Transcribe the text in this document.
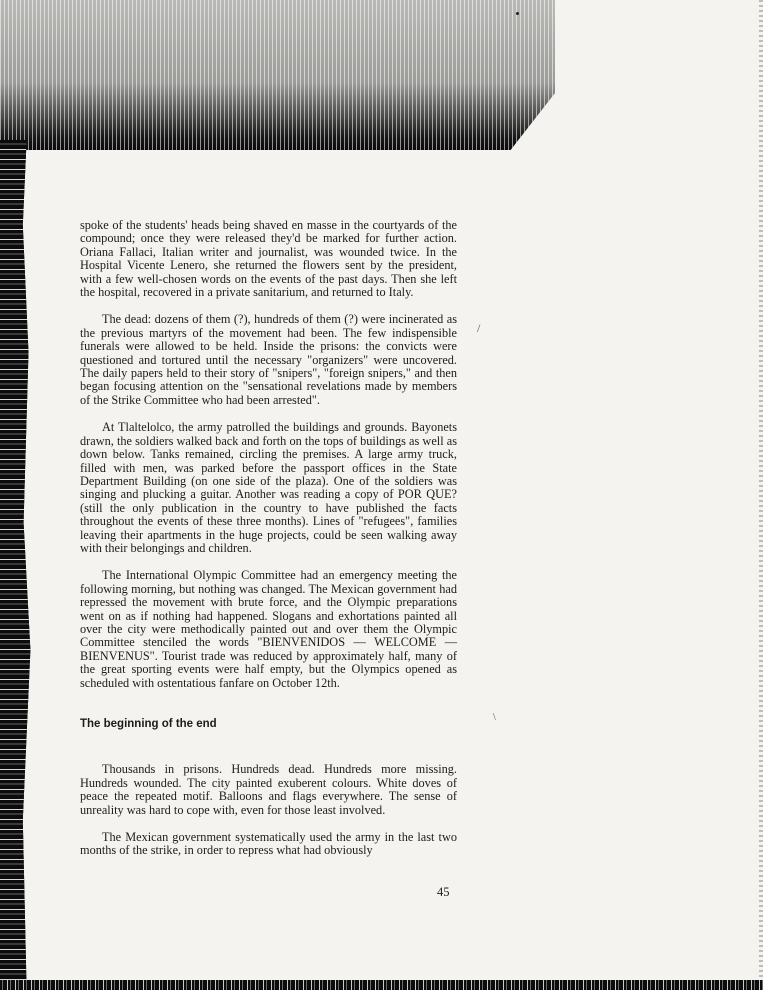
/
\

spoke of the students' heads being shaved en masse in the courtyards of the compound; once they were released they'd be marked for further action. Oriana Fallaci, Italian writer and journalist, was wounded twice. In the Hospital Vicente Lenero, she returned the flowers sent by the president, with a few well-chosen words on the events of the past days. Then she left the hospital, recovered in a private sanitarium, and returned to Italy.

The dead: dozens of them (?), hundreds of them (?) were incinerated as the previous martyrs of the movement had been. The few indispensible funerals were allowed to be held. Inside the prisons: the convicts were questioned and tortured until the necessary "organizers" were uncovered. The daily papers held to their story of "snipers", "foreign snipers," and then began focusing attention on the "sensational revelations made by members of the Strike Committee who had been arrested".

At Tlaltelolco, the army patrolled the buildings and grounds. Bayonets drawn, the soldiers walked back and forth on the tops of buildings as well as down below. Tanks remained, circling the premises. A large army truck, filled with men, was parked before the passport offices in the State Department Building (on one side of the plaza). One of the soldiers was singing and plucking a guitar. Another was reading a copy of POR QUE? (still the only publication in the country to have published the facts throughout the events of these three months). Lines of "refugees", families leaving their apartments in the huge projects, could be seen walking away with their belongings and children.

The International Olympic Committee had an emergency meeting the following morning, but nothing was changed. The Mexican government had repressed the movement with brute force, and the Olympic preparations went on as if nothing had happened. Slogans and exhortations painted all over the city were methodically painted out and over them the Olympic Committee stenciled the words "BIENVENIDOS — WELCOME — BIENVENUS". Tourist trade was reduced by approximately half, many of the great sporting events were half empty, but the Olympics opened as scheduled with ostentatious fanfare on October 12th.

The beginning of the end

Thousands in prisons. Hundreds dead. Hundreds more missing. Hundreds wounded. The city painted exuberent colours. White doves of peace the repeated motif. Balloons and flags everywhere. The sense of unreality was hard to cope with, even for those least involved.

The Mexican government systematically used the army in the last two months of the strike, in order to repress what had obviously

45
